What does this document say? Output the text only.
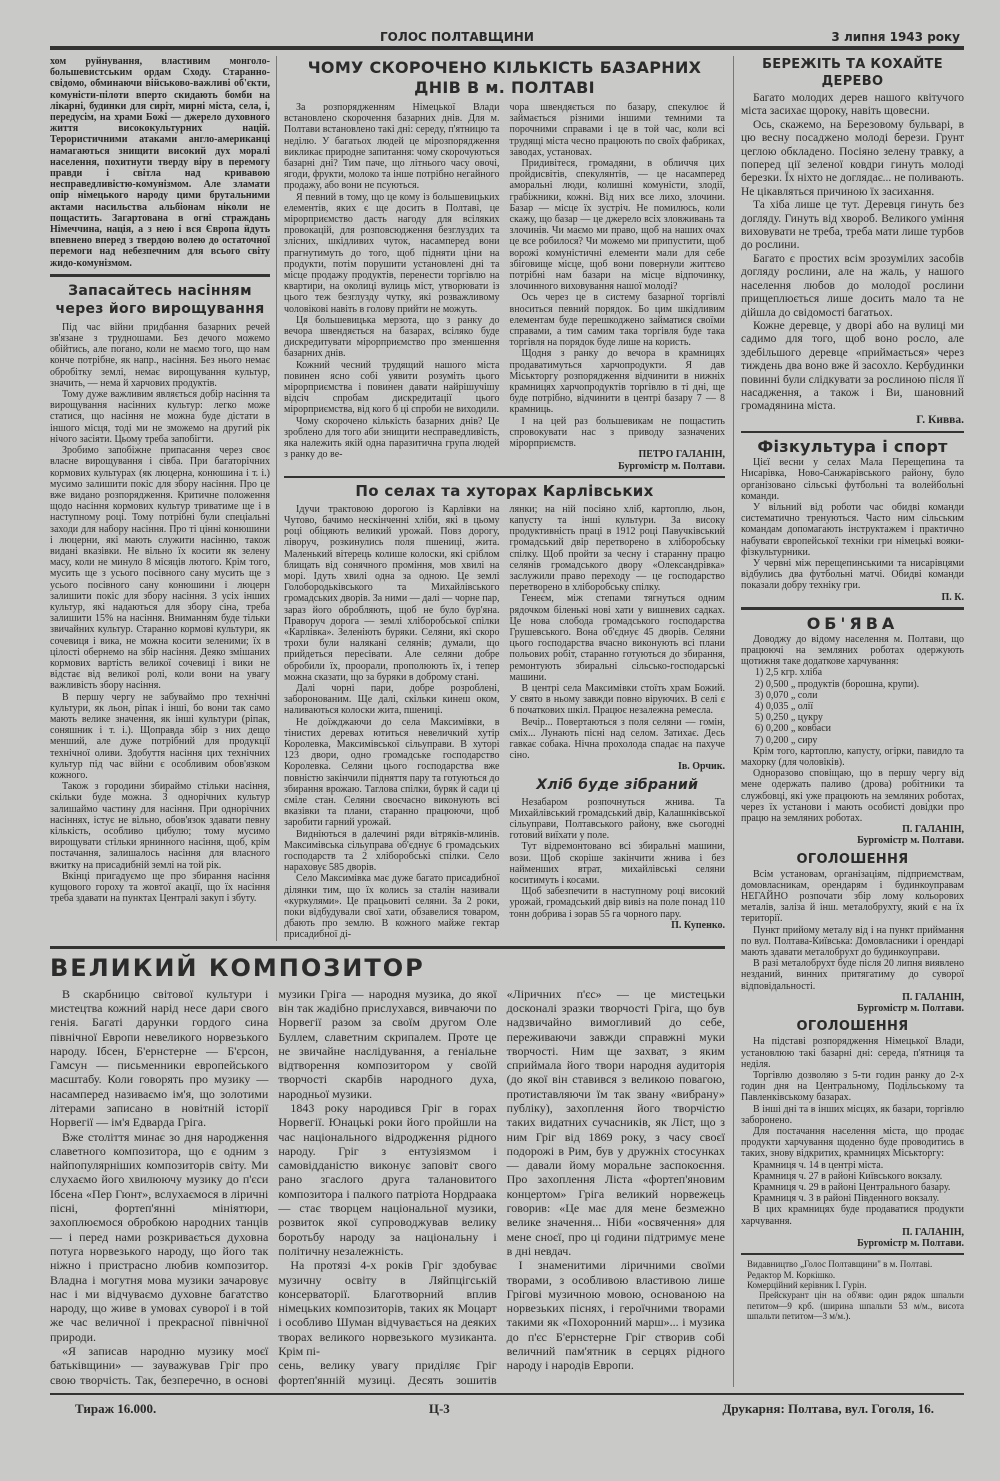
ГОЛОС ПОЛТАВЩИНИ	3 липня 1943 року

хом руйнування, властивим монголо-большевистським ордам Сходу. Старанно-свідомо, обминаючи військово-важливі об'єкти, комуністи-пілоти вперто скидають бомби на лікарні, будинки для сиріт, мирні міста, села, і, передусім, на храми Божі — джерело духовного життя висококультурних націй. Терористичними атаками англо-американці намагаються знищити високий дух моралі населення, похитнути тверду віру в перемогу правди і світла над кривавою несправедливістю-комунізмом. Але зламати опір німецького народу цими брутальними актами насильства альбіонам ніколи не пощастить. Загартована в огні страждань Німеччина, нація, а з нею і вся Європа йдуть впевнено вперед з твердою волею до остаточної перемоги над небезпечним для всього світу жидо-комунізмом.

Запасайтесь насінням через його вирощування

Під час війни придбання базарних речей зв'язане з трудношами. Без дечого можемо обійтись, але погано, коли не маємо того, що нам конче потрібне, як напр., насіння. Без нього немає обробітку землі, немає вирощування культур, значить, — нема й харчових продуктів.

Тому дуже важливим являється добір насіння та вирощування насінних культур: легко може статися, що насіння не можна буде дістати в іншого місця, тоді ми не зможемо на другий рік нічого засіяти. Цьому треба запобігти.

Зробимо запобіжне припасання через своє власне вирощування і сівба. При багаторічних кормових культурах (як люцерна, конюшина і т. і.) мусимо залишити покіс для збору насіння. Про це вже видано розпорядження. Критичне положення щодо насіння кормових культур триватиме ще і в наступному році. Тому потрібні були спеціальні заходи для набору насіння. Про ті цінні конюшини і люцерни, які мають служити насінню, також видані вказівки. Не вільно їх косити як зелену масу, коли не минуло 8 місяців лютого. Крім того, мусить ще з усього посівного сану мусить ще з усього посівного сану конюшини і люцерн залишити покіс для збору насіння. З усіх інших культур, які надаються для збору сіна, треба залишити 15% на насіння. Вниманням буде тільки звичайних культур. Старанно кормові культури, як сочевиця і вика, не можна косити зеленими; їх в цілості обернемо на збір насіння. Деяко змішаних кормових вартість великої сочевиці і вики не відстає від великої ролі, коли вони на увагу важливість збору насіння.

В першу чергу не забуваймо про технічні культури, як льон, ріпак і інші, бо вони так само мають велике значення, як інші культури (ріпак, соняшник і т. і.). Щоправда збір з них дещо менший, але дуже потрібний для продукції технічної оливи. Здобуття насіння цих технічних культур під час війни є особливим обов'язком кожного.

Також з городини збираймо стільки насіння, скільки буде можна. З однорічних культур залишаймо частину для насіння. При однорічних насіннях, істує не вільно, обов'язок здавати певну кількість, особливо цибулю; тому мусимо вирощувати стільки ярнинного насіння, щоб, крім постачання, залишалось насіння для власного вжитку на присадибній землі на той рік.

Вкінці пригадуємо ще про збирання насіння кущового гороху та жовтої акації, що їх насіння треба здавати на пунктах Централі закуп і збуту.

ЧОМУ СКОРОЧЕНО КІЛЬКІСТЬ БАЗАРНИХ ДНІВ В м. ПОЛТАВІ

За розпорядженням Німецької Влади встановлено скорочення базарних днів. Для м. Полтави встановлено такі дні: середу, п'ятницю та неділю. У багатьох людей це мірозпорядження викликає природне запитання: чому скорочуються базарні дні? Тим паче, що літнього часу овочі, ягоди, фрукти, молоко та інше потрібно негайного продажу, або вони не псуються.

Я певний в тому, що це кому із большевицьких елементів, яких є ще досить в Полтаві, це мірорприємство дасть нагоду для всіляких провокацій, для розповсюдження безглуздих та злісних, шкідливих чуток, насамперед вони прагнутимуть до того, щоб підняти ціни на продукти, потім порушити установлені дні та місце продажу продуктів, перенести торгівлю на квартири, на околиці вулиць міст, утворювати із цього теж безглузду чутку, які розважливому чоловікові навіть в голову прийти не можуть.

Ця большевицька мерзота, що з ранку до вечора швендяється на базарах, всіляко буде дискредитувати мірорприємство про зменшення базарних днів.

Кожний чесний трудящий нашого міста повинен ясно собі уявити розуміть цього мірорприємства і повинен давати найрішучішу відсіч спробам дискредитації цього мірорприємства, від кого б ці спроби не виходили.

Чому скорочено кількість базарних днів? Це зроблено для того аби знищити несправедливість, яка належить якій одна паразитична група людей з ранку до ве-

чора швендяється по базару, спекулює й займається різними іншими темними та порочними справами і це в той час, коли всі трудящі міста чесно працюють по своїх фабриках, заводах, установах.

Придивітеся, громадяни, в обличчя цих пройдисвітів, спекулянтів, — це насамперед аморальні люди, колишні комуністи, злодії, грабіжники, кожні. Від них все лихо, злочини. Базар — місце їх зустріч. Не помилюсь, коли скажу, що базар — це джерело всіх зловживань та злочинів. Чи маємо ми право, щоб на наших очах це все робилося? Чи можемо ми припустити, щоб ворожі комуністичні елементи мали для себе збіговище місце, щоб вони повернули життєво потрібні нам базари на місце відпочинку, злочинного виховування нашої молоді?

Ось через це в систему базарної торгівлі вноситься певний порядок. Бо цим шкідливим елементам буде перешкоджено займатися своїми справами, а тим самим така торгівля буде така торгівля на порядок буде лише на користь.

Щодня з ранку до вечора в крамницях продаватимуться харчопродукти. Я дав Міськторгу розпорядження відчинити в нижніх крамницях харчопродуктів торгівлю в ті дні, ще буде потрібно, відчинити в центрі базару 7 — 8 крамниць.

І на цей раз большевикам не пощастить спровокувати нас з приводу зазначених мірорприємств.

ПЕТРО ГАЛАНІН,
Бургомістр м. Полтави.
По селах та хуторах Карлівських

Ідучи трактовою дорогою із Карлівки на Чутово, бачимо нескінченні хліби, які в цьому році обіцяють великий урожай. Повз дорогу, ліворуч, розкинулись поля пшениці, жита. Маленький вітерець колише колоски, які сріблом блищать від сонячного проміння, мов хвилі на морі. Ідуть хвилі одна за одною. Це землі Голобородьківського та Михайлівського громадських дворів. За ними — далі — чорне пар, зараз його обробляють, щоб не було бур'яна. Праворуч дорога — землі хліборобської спілки «Карлівка». Зеленіють буряки. Селяни, які скоро трохи були налякані селянів; думали, що прийдеться пересівати. Але селяни добре обробили їх, проорали, прополюють їх, і тепер можна сказати, що за буряки в доброму стані.

Далі чорні пари, добре розроблені, заборонованим. Ще далі, скільки кинеш оком, наливаються колоски жита, пшениці.

Не доїжджаючи до села Максимівки, в тінистих деревах ютиться невеличкий хутір Королевка, Максимівської сільуправи. В хуторі 123 двори, одно громадське господарство Королевка. Селяни цього господарства вже повністю закінчили підняття пару та готуються до збирання врожаю. Таглова спілки, буряк й сади ці сміле стан. Селяни своєчасно виконують всі вказівки та плани, старанно працюючи, щоб заробити гарний урожай.

Видніються в далечині ряди вітряків-млинів. Максимівська сільуправа об'єднує 6 громадських господарств та 2 хліборобські спілки. Село нараховує 585 дворів.

Село Максимівка має дуже багато присадибної ділянки тим, що їх колись за сталін називали «куркулями». Це працьовиті селяни. За 2 роки, поки відбудували свої хати, обзавелися товаром, дбають про землю. В кожного майже гектар присадибної ді-

лянки; на ній посіяно хліб, картоплю, льон, капусту та інші культури. За високу продуктивність праці в 1912 році Павучківський громадський двір перетворено в хліборобську спілку. Щоб пройти за чесну і старанну працю селянів громадського двору «Олександрівка» заслужили право переходу — це господарство перетворено в хліборобську спілку.

Генеєм, між степами тягнуться одним рядочком біленькі нові хати у вишневих садках. Це нова слобода громадського господарства Грушевського. Вона об'єднує 45 дворів. Селяни цього господарства вчасно виконують всі плани польових робіт, старанно готуються до збирання, ремонтують збиральні сільсько-господарські машини.

В центрі села Максимівки стоїть храм Божий. У свято в ньому завжди повно віруючих. В селі є 6 початкових шкіл. Працює незалежна ремесла.

Вечір... Повертаються з поля селяни — гомін, сміх... Лунають пісні над селом. Затихає. Десь гавкає собака. Нічна прохолода спадає на пахуче сіно.

Ів. Орчик.
Хліб буде зібраний

Незабаром розпочнуться жнива. Та Михайлівський громадський двір, Калашнківської сільуправи, Полтавського району, вже сьогодні готовий виїхати у поле.

Тут відремонтовано всі збиральні машини, вози. Щоб скоріше закінчити жнива і без найменших втрат, михайлівські селяни коситимуть і косами.

Щоб забезпечити в наступному році високий урожай, громадський двір вивіз на поле понад 110 тонн добрива і зорав 55 га чорного пару.

П. Купенко.
ВЕЛИКИЙ КОМПОЗИТОР

В скарбницю світової культури і мистецтва кожний нарід несе дари свого генія. Багаті дарунки гордого сина північної Европи невеликого норвезького народу. Ібсен, Б'ернстерне — Б'єрсон, Гамсун — письменники европейського масштабу. Коли говорять про музику — насамперед називаємо ім'я, що золотими літерами записано в новітній історії Норвегії — ім'я Едварда Гріга.

Вже століття минає зо дня народження славетного композитора, що є одним з найпопулярніших композиторів світу. Ми слухаємо його хвилюючу музику до п'єси Ібсена «Пер Гюнт», вслухаємося в ліричні пісні, фортеп'янні мініятюри, захоплюємося обробкою народних танців — і перед нами розкривається духовна потуга норвезького народу, що його так ніжно і пристрасно любив композитор. Владна і могутня мова музики зачаровує нас і ми відчуваємо духовне багатство народу, що живе в умовах суворої і в той же час величної і прекрасної північної природи.

«Я записав народню музику моєї батьківщини» — зауважував Гріг про свою творчість. Так, безперечно, в основі музики Гріга — народня музика, до якої він так жадібно прислухався, вивчаючи по Норвегії разом за своїм другом Оле Буллем, славетним скрипалем. Проте це не звичайне наслідування, а геніальне відтворення композитором у своїй творчості скарбів народного духа, народньої музики.

1843 року народився Гріг в горах Норвегії. Юнацькі роки його пройшли на час національного відродження рідного народу. Гріг з ентузіязмом і самовідданістю виконує заповіт свого рано згаслого друга талановитого композитора і палкого патріота Нордраака — стає творцем національної музики, розвиток якої супроводжував велику боротьбу народу за національну і політичну незалежність.

На протязі 4-х років Гріг здобуває музичну освіту в Ляйпцігській консерваторії. Благотворний вплив німецьких композиторів, таких як Моцарт і особливо Шуман відчувається на деяких творах великого норвезького музиканта. Крім пі-

сень, велику увагу приділяє Гріг фортеп'янній музиці. Десять зошитів «Ліричних п'єс» — це мистецьки досконалі зразки творчості Гріга, що був надзвичайно вимогливий до себе, переживаючи завжди справжні муки творчості. Ним ще захват, з яким сприймала його твори народня аудиторія (до якої він ставився з великою повагою, протиставляючи їм так звану «вибрану» публіку), захоплення його творчістю таких видатних сучасників, як Ліст, що з ним Гріг від 1869 року, з часу своєї подорожі в Рим, був у дружніх стосунках — давали йому моральне заспокоєння. Про захоплення Ліста «фортеп'яновим концертом» Гріга великий норвежець говорив: «Це має для мене безмежно велике значення... Ніби «освячення» для мене сноєї, про ці години підтримує мене в дні невдач.

І знаменитими ліричними своїми творами, з особливою властивою лише Грігові музичною мовою, основаною на норвезьких піснях, і героїчними творами такими як «Похоронний марш»... і музика до п'єс Б'ернстерне Гріг створив собі величний пам'ятник в серцях рідного народу і народів Европи.

БЕРЕЖІТЬ ТА КОХАЙТЕ ДЕРЕВО

Багато молодих дерев нашого квітучого міста засихає щороку, навіть щовесни.

Ось, скажемо, на Березовому бульварі, в цю весну посаджено молоді берези. Грунт цеглою обкладено. Посіяно зелену травку, а поперед ції зеленої ковдри гинуть молоді березки. Їх ніхто не доглядає... не поливають. Не цікавляться причиною їх засихання.

Та хіба лише це тут. Деревця гинуть без догляду. Гинуть від хвороб. Великого уміння виховувати не треба, треба мати лише турбов до рослини.

Багато є простих всім зрозумілих засобів догляду рослини, але на жаль, у нашого населення любов до молодої рослини прищеплюється лише досить мало та не дійшла до свідомості багатьох.

Кожне деревце, у дворі або на вулиці ми садимо для того, щоб воно росло, але здебільшого деревце «приймається» через тиждень два воно вже й засохло. Кербудинки повинні були слідкувати за рослиною після її насадження, а також і Ви, шановний громадянина міста.

Г. Кивва.
Фізкультура і спорт

Цієї весни у селах Мала Перещепина та Нисарівка, Ново-Санжарівського району, було організовано сільські футбольні та волейбольні команди.

У вільний від роботи час обидві команди систематично тренуються. Часто ним сільським командам допомагають інструктажем і практично набувати європейської техніки гри німецькі вояки-фізкультурники.

У червні між перещепинськими та нисарівцями відбулись два футбольні матчі. Обидві команди показали добру техніку гри.

П. К.
ОБ'ЯВА

Доводжу до відому населення м. Полтави, що працюючі на земляних роботах одержують щотижня таке додаткове харчування:

1) 2,5 кгр. хліба
2) 0,500 „ продуктів (борошна, крупи).
3) 0,070 „ соли
4) 0,035 „ олії
5) 0,250 „ цукру
6) 0,200 „ ковбаси
7) 0,200 „ сиру

Крім того, картоплю, капусту, огірки, павидло та махорку (для чоловіків).

Одноразово сповіщаю, що в першу чергу від мене одержать паливо (дрова) робітники та службовці, які уже працюють на земляних роботах, через їх установи і мають особисті довідки про працю на земляних роботах.

П. ГАЛАНІН,
Бургомістр м. Полтави.
ОГОЛОШЕННЯ

Всім установам, організаціям, підприємствам, домовласникам, орендарям і будинкоуправам НЕГАЙНО розпочати збір лому кольорових металів, заліза й інш. металобрухту, який є на їх території.

Пункт прийому металу від і на пункт приймання по вул. Полтава-Київська: Домовласники і орендарі мають здавати металобрухт до будинкоуправи.

В разі металобрухт буде після 20 липня виявлено незданий, винних притягатиму до суворої відповідальності.

П. ГАЛАНІН,
Бургомістр м. Полтави.
ОГОЛОШЕННЯ

На підставі розпорядження Німецької Влади, установлюю такі базарні дні: середа, п'ятниця та неділя.

Торгівлю дозволяю з 5-ти годин ранку до 2-х годин дня на Центральному, Подільському та Павленківському базарах.

В інші дні та в інших місцях, як базари, торгівлю заборонено.

Для постачання населення міста, що продає продукти харчування щоденно буде проводитись в таких, знову відкритих, крамницях Міськторгу:

Крамниця ч. 14 в центрі міста.

Крамниця ч. 27 в районі Київського вокзалу.

Крамниця ч. 29 в районі Центрального базару.

Крамниця ч. 3 в районі Південного вокзалу.

В цих крамницях буде продаватися продукти харчування.

П. ГАЛАНІН,
Бургомістр м. Полтави.
Видавництво „Голос Полтавщини" в м. Полтаві.
Редактор М. Коркішко.
Комерційний керівник І. Гурін.

Прейскурант цін на об'яви: один рядок шпальти петитом—9 крб. (ширина шпальти 53 м/м., висота шпальти петитом—3 м/м.).

Тираж 16.000.	Ц-3	Друкарня: Полтава, вул. Гоголя, 16.
